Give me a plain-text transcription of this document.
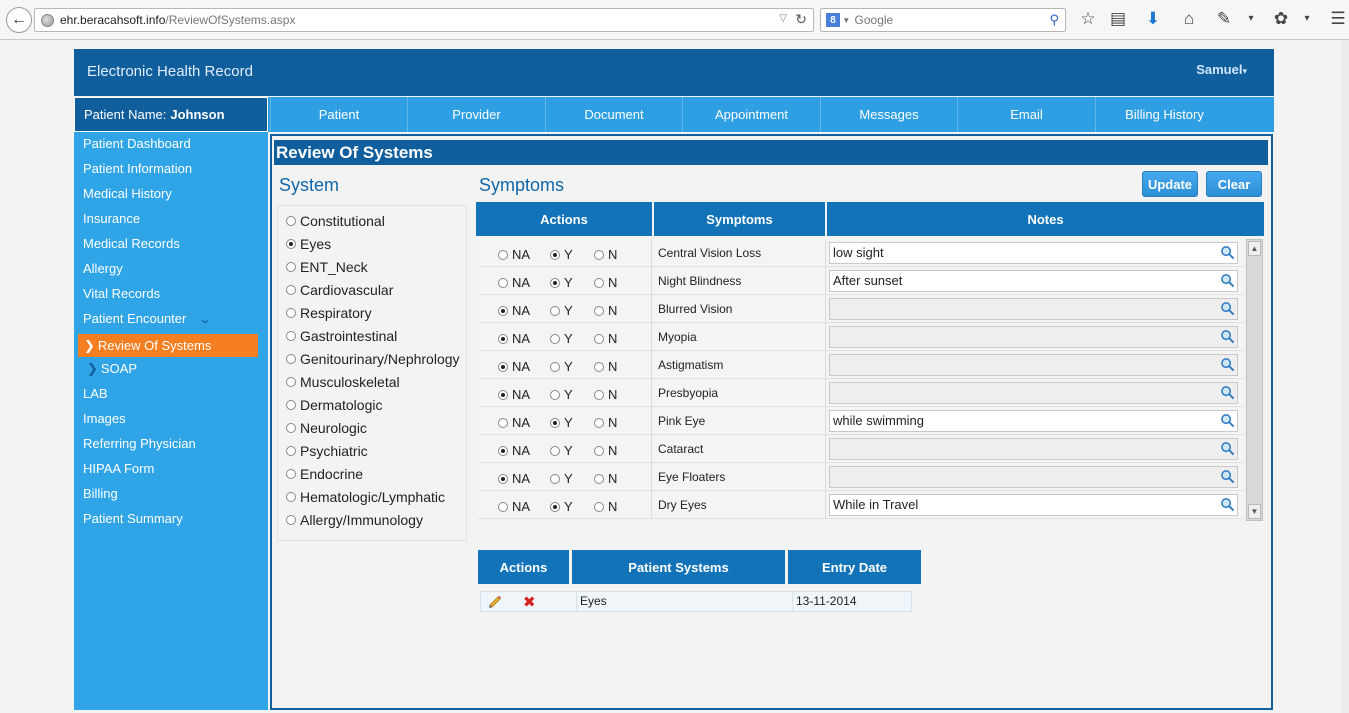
←	ehr.beracahsoft.info /ReviewOfSystems.aspx	▽ ↻	8 ▾ Google	⚲ ☆ ▤ ⬇	⌂	✎	▾	✿	▾	☰
Electronic Health Record	Samuel▾
Patient Name: Johnson	Patient	Provider	Document	Appointment	Messages	Email	Billing History
Patient Dashboard
Patient Information
Medical History
Insurance
Medical Records
Allergy
Vital Records
Patient Encounter ⌄
❯ Review Of Systems
❯ SOAP
LAB
Images
Referring Physician
HIPAA Form
Billing
Patient Summary
Review Of Systems
System	Symptoms	Update	Clear
Constitutional
Eyes
ENT_Neck
Cardiovascular
Respiratory
Gastrointestinal
Genitourinary/Nephrology
Musculoskeletal
Dermatologic
Neurologic
Psychiatric
Endocrine
Hematologic/Lymphatic
Allergy/Immunology
Actions	Symptoms	Notes
NA	Y	N	Central Vision Loss	low sight
NA	Y	N	Night Blindness	After sunset
NA	Y	N	Blurred Vision
NA	Y	N	Myopia
NA	Y	N	Astigmatism
NA	Y	N	Presbyopia
NA	Y	N	Pink Eye	while swimming
NA	Y	N	Cataract
NA	Y	N	Eye Floaters
NA	Y	N	Dry Eyes	While in Travel
▲
▼
Actions	Patient Systems	Entry Date
✖	Eyes	13-11-2014
